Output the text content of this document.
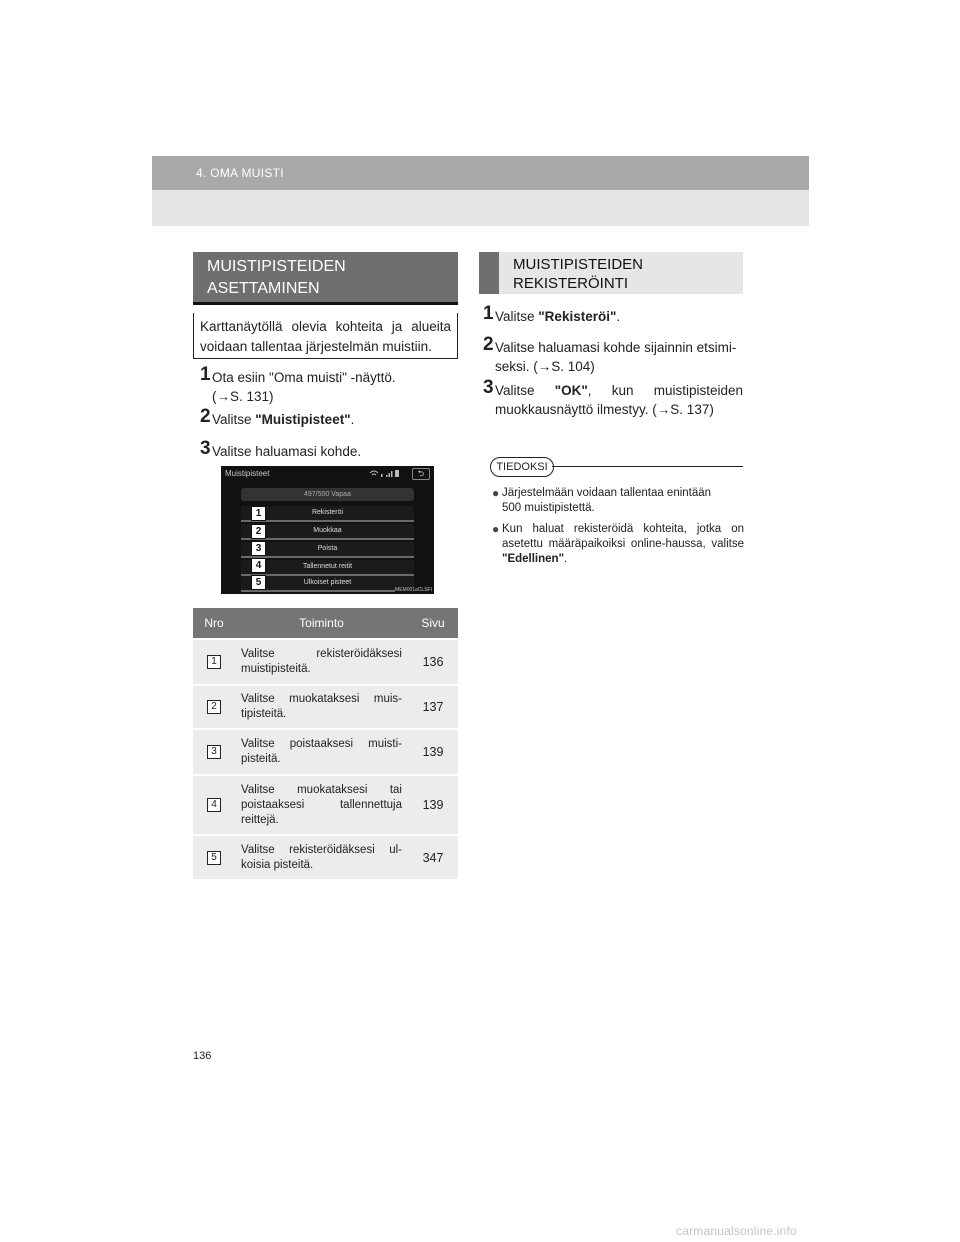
4. OMA MUISTI
MUISTIPISTEIDEN
ASETTAMINEN
Karttanäytöllä olevia kohteita ja alueita voidaan tallentaa järjestelmän muistiin.
1 Ota esiin "Oma muisti" -näyttö.
(→S. 131)
2 Valitse "Muistipisteet".
3 Valitse haluamasi kohde.
Muistipisteet	⮌
497/500 Vapaa
Rekisteröi
Muokkaa
Poista
Tallennetut reitit
Ulkoiset pisteet
1
2
3
4
5
MEM001aCLSFI
Nro	Toiminto	Sivu
1	Valitse rekisteröidäksesi muistipisteitä.	136
2	Valitse muokataksesi muis-tipisteitä.	137
3	Valitse poistaaksesi muisti-pisteitä.	139
4	Valitse muokataksesi tai poistaaksesi tallennettuja reittejä.	139
5	Valitse rekisteröidäksesi ul-koisia pisteitä.	347
MUISTIPISTEIDEN
REKISTERÖINTI
1 Valitse "Rekisteröi".
2 Valitse haluamasi kohde sijainnin etsimi-seksi. (→S. 104)
3 Valitse "OK", kun muistipisteiden muokkausnäyttö ilmestyy. (→S. 137)
TIEDOKSI
● Järjestelmään voidaan tallentaa enintään
500 muistipistettä.
● Kun haluat rekisteröidä kohteita, jotka on asetettu määräpaikoiksi online-haussa, valitse "Edellinen".
136
carmanualsonline.info
